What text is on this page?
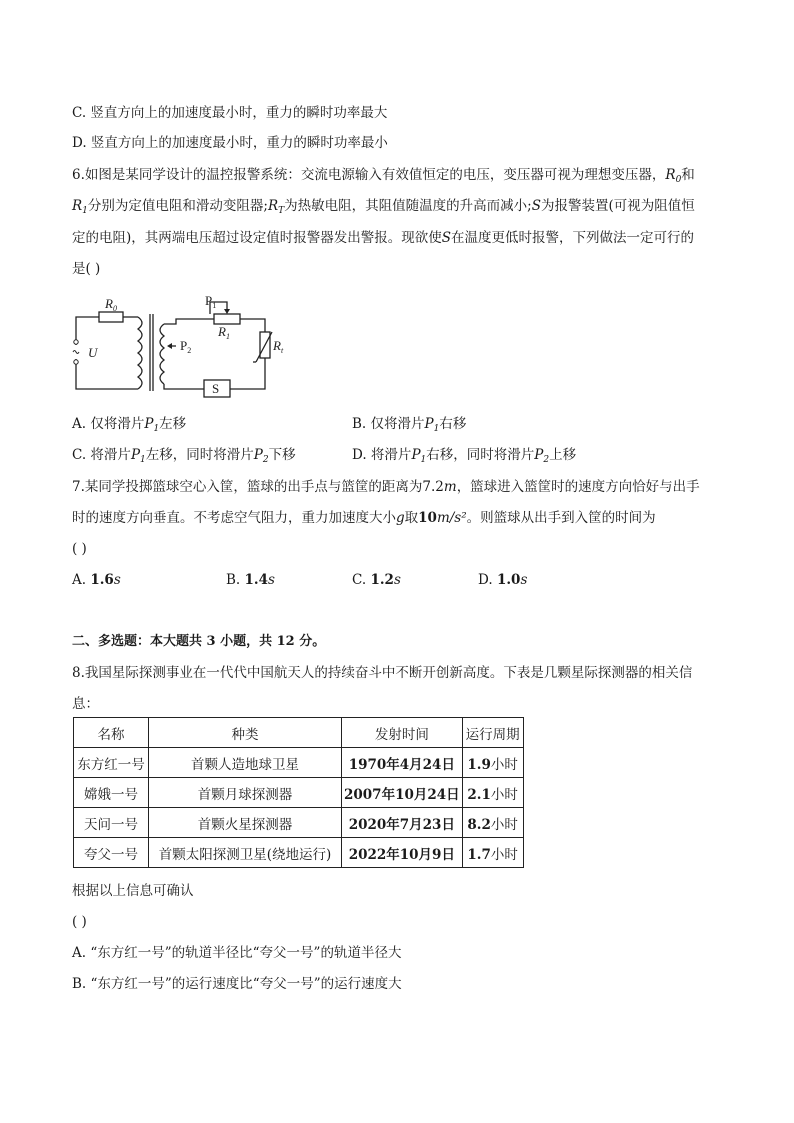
C. 竖直方向上的加速度最小时，重力的瞬时功率最大
D. 竖直方向上的加速度最小时，重力的瞬时功率最小
6.如图是某同学设计的温控报警系统：交流电源输入有效值恒定的电压，变压器可视为理想变压器，$R_0$和
$R_1$分别为定值电阻和滑动变阻器$;R_T$为热敏电阻，其阻值随温度的升高而减小;S为报警装置(可视为阻值恒
定的电阻)，其两端电压超过设定值时报警器发出警报。现欲使S在温度更低时报警，下列做法一定可行的
是( )
$R_0$
U
$P_1$
$R_1$
$P_2$	$R_t$
S
A. 仅将滑片$P_1$左移	B. 仅将滑片$P_1$右移
C. 将滑片$P_1$左移，同时将滑片$P_2$下移	D. 将滑片$P_1$右移，同时将滑片$P_2$上移
7.某同学投掷篮球空心入筐，篮球的出手点与篮筐的距离为7.2m，篮球进入篮筐时的速度方向恰好与出手
时的速度方向垂直。不考虑空气阻力，重力加速度大小g取10m/s²。则篮球从出手到入筐的时间为
( )
A. 1.6s	B. 1.4s	C. 1.2s	D. 1.0s
二、多选题：本大题共 3 小题，共 12 分。
8.我国星际探测事业在一代代中国航天人的持续奋斗中不断开创新高度。下表是几颗星际探测器的相关信
息：
名称	种类	发射时间	运行周期
东方红一号	首颗人造地球卫星	1970年4月24日	1.9小时
嫦娥一号	首颗月球探测器	2007年10月24日	2.1小时
天问一号	首颗火星探测器	2020年7月23日	8.2小时
夸父一号	首颗太阳探测卫星(绕地运行)	2022年10月9日	1.7小时
根据以上信息可确认
( )
A. “东方红一号”的轨道半径比“夸父一号”的轨道半径大
B. “东方红一号”的运行速度比“夸父一号”的运行速度大
